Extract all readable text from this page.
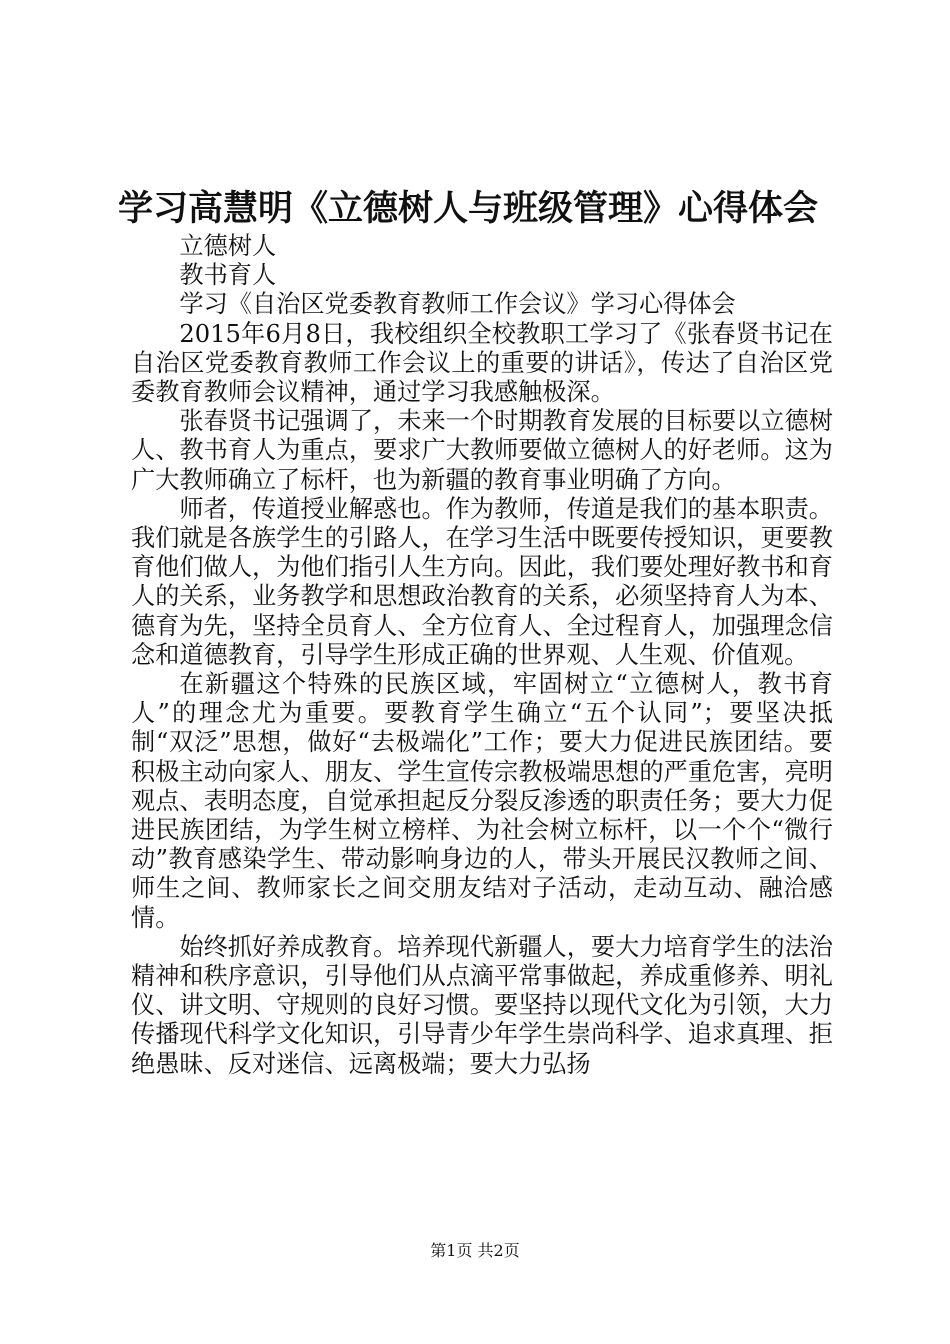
学习高慧明《立德树人与班级管理》心得体会

立德树人

教书育人

学习《自治区党委教育教师工作会议》学习心得体会

2015年6月8日，我校组织全校教职工学习了《张春贤书记在自治区党委教育教师工作会议上的重要的讲话》，传达了自治区党委教育教师会议精神，通过学习我感触极深。

张春贤书记强调了，未来一个时期教育发展的目标要以立德树人、教书育人为重点，要求广大教师要做立德树人的好老师。这为广大教师确立了标杆，也为新疆的教育事业明确了方向。

师者，传道授业解惑也。作为教师，传道是我们的基本职责。我们就是各族学生的引路人，在学习生活中既要传授知识，更要教育他们做人，为他们指引人生方向。因此，我们要处理好教书和育人的关系，业务教学和思想政治教育的关系，必须坚持育人为本、德育为先，坚持全员育人、全方位育人、全过程育人，加强理念信念和道德教育，引导学生形成正确的世界观、人生观、价值观。

在新疆这个特殊的民族区域，牢固树立“立德树人，教书育人”的理念尤为重要。要教育学生确立“五个认同”；要坚决抵制“双泛”思想，做好“去极端化”工作；要大力促进民族团结。要积极主动向家人、朋友、学生宣传宗教极端思想的严重危害，亮明观点、表明态度，自觉承担起反分裂反渗透的职责任务；要大力促进民族团结，为学生树立榜样、为社会树立标杆，以一个个“微行动”教育感染学生、带动影响身边的人，带头开展民汉教师之间、师生之间、教师家长之间交朋友结对子活动，走动互动、融洽感情。

始终抓好养成教育。培养现代新疆人，要大力培育学生的法治精神和秩序意识，引导他们从点滴平常事做起，养成重修养、明礼仪、讲文明、守规则的良好习惯。要坚持以现代文化为引领，大力传播现代科学文化知识，引导青少年学生崇尚科学、追求真理、拒绝愚昧、反对迷信、远离极端；要大力弘扬

第1页 共2页
